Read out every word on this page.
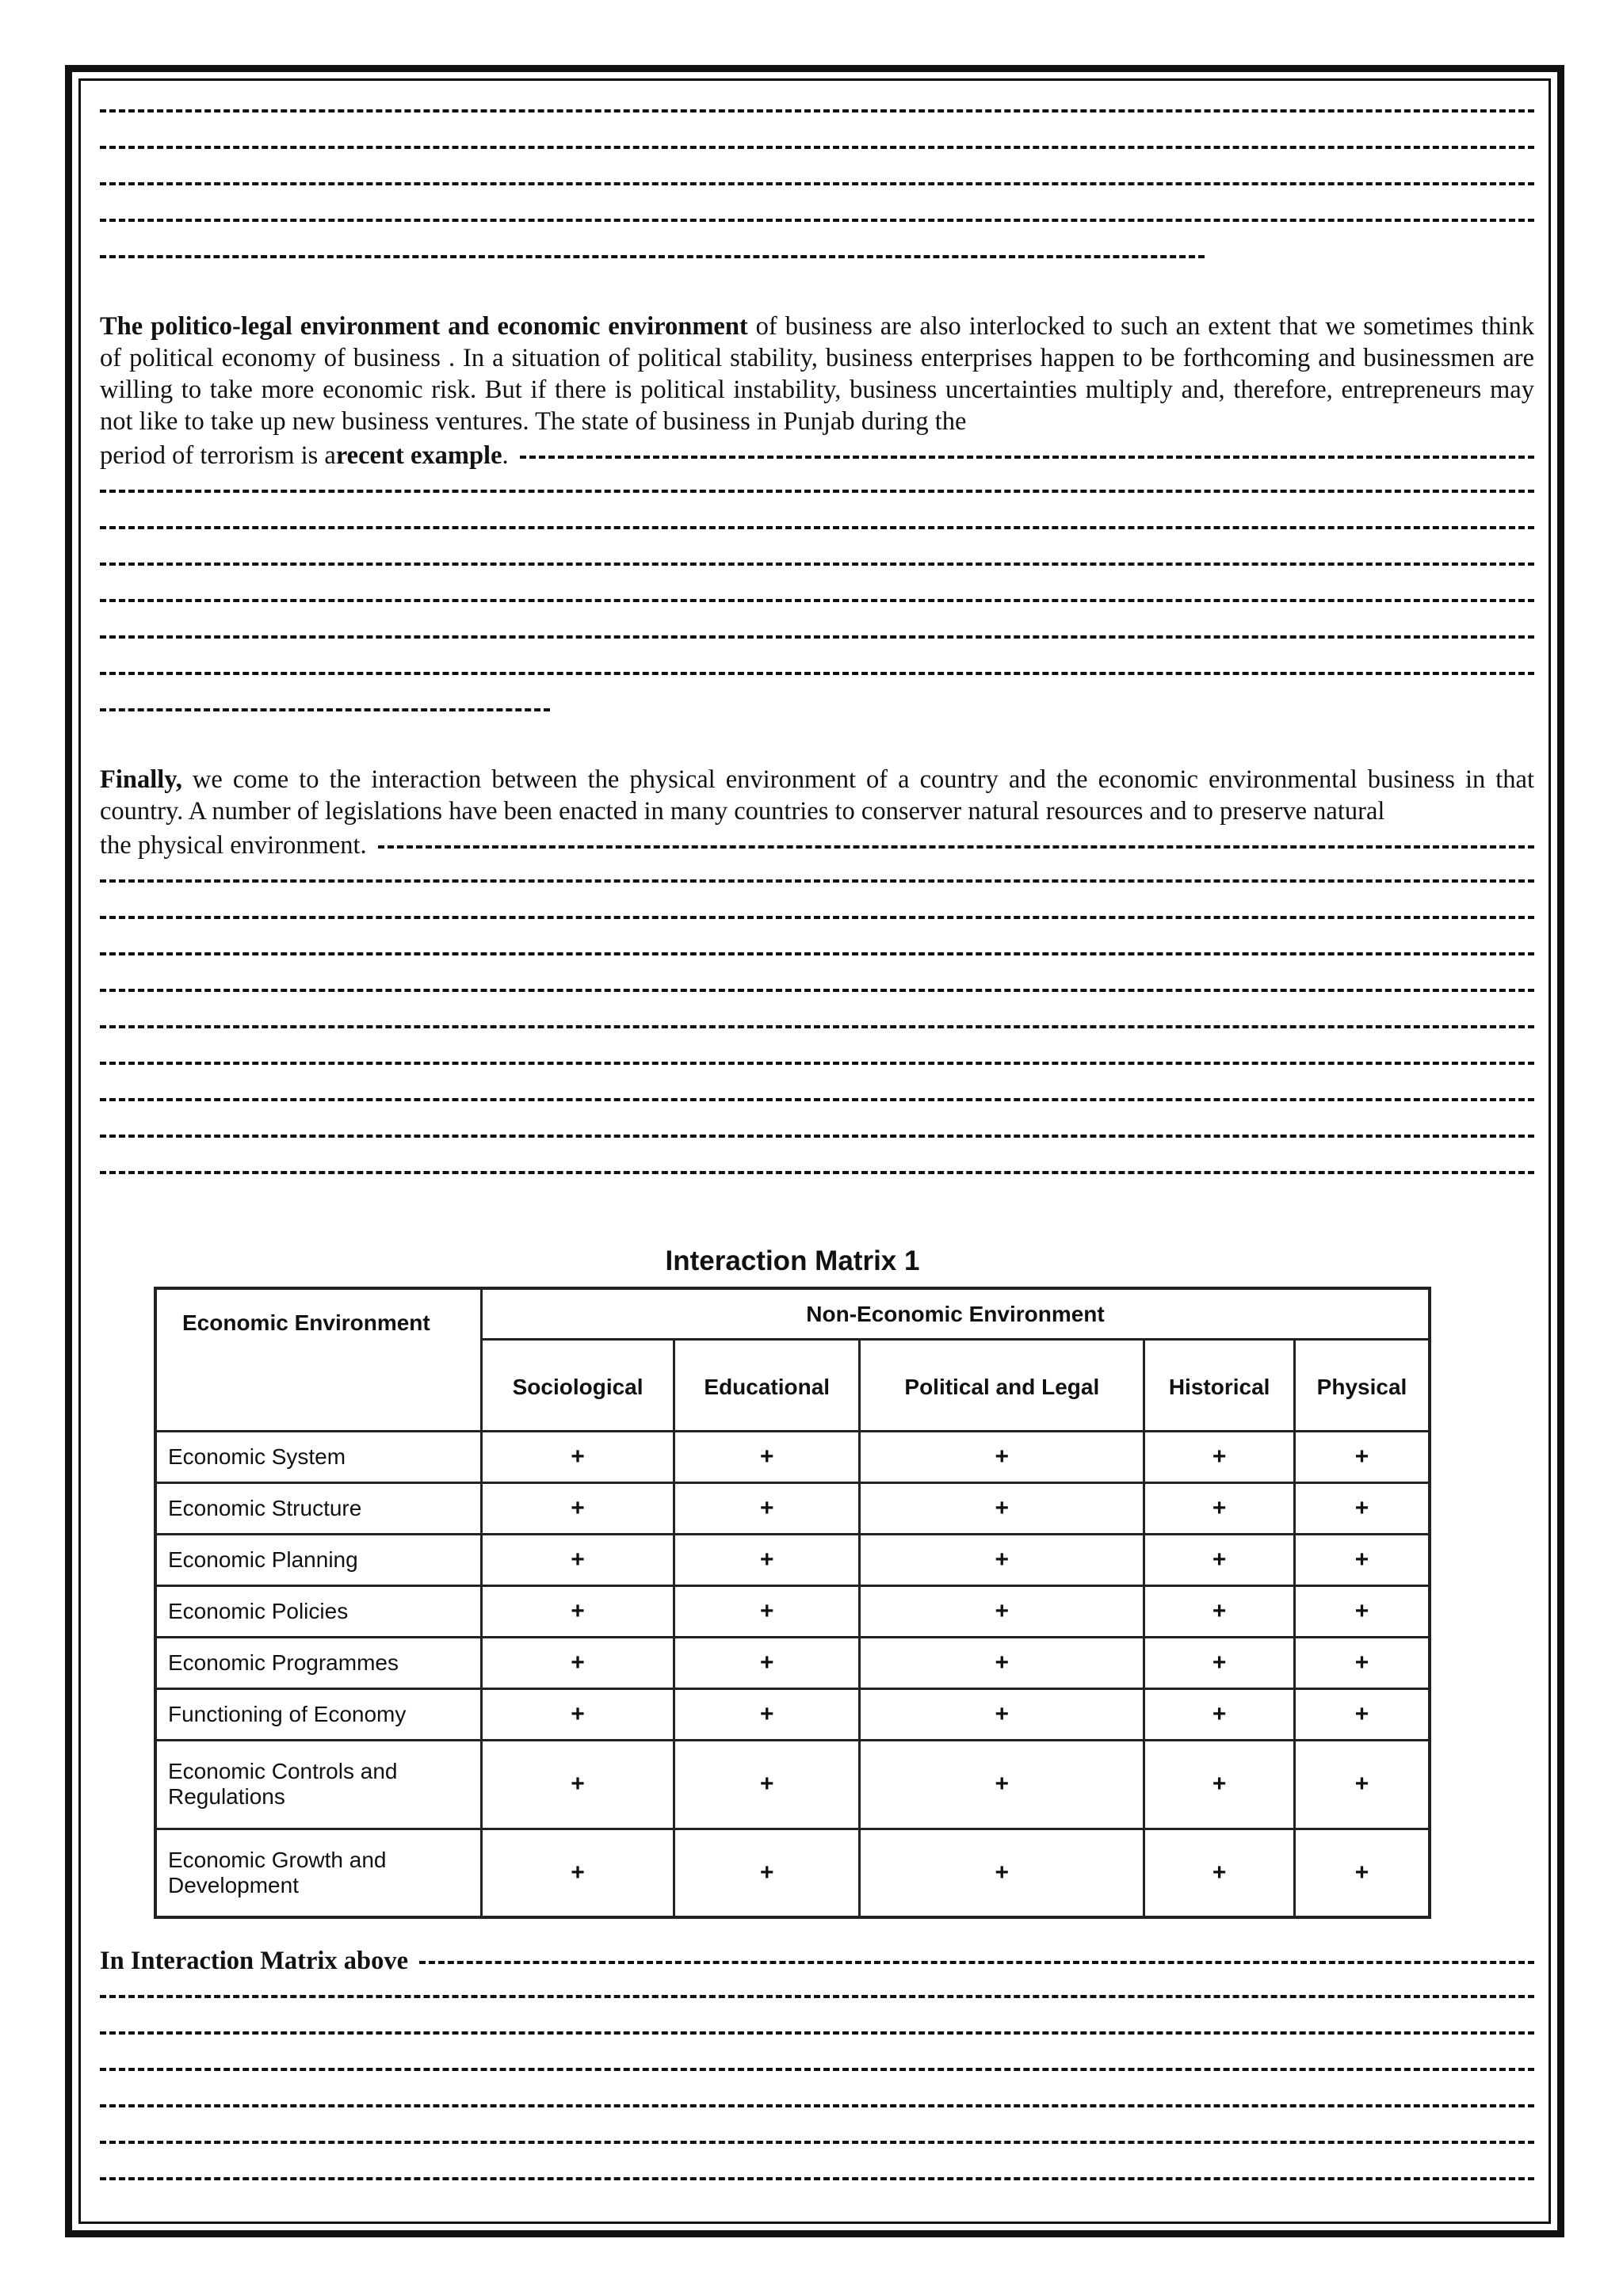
The politico-legal environment and economic environment of business are also interlocked to such an extent that we sometimes think of political economy of business . In a situation of political stability, business enterprises happen to be forthcoming and businessmen are willing to take more economic risk. But if there is political instability, business uncertainties multiply and, therefore, entrepreneurs may not like to take up new business ventures. The state of business in Punjab during the

period of terrorism is a recent example .

Finally, we come to the interaction between the physical environment of a country and the economic environmental business in that country. A number of legislations have been enacted in many countries to conserver natural resources and to preserve natural

the physical environment.
Interaction Matrix 1
Economic Environment	Non-Economic Environment				
	Sociological	Educational	Political and Legal	Historical	Physical
Economic System	+	+	+	+	+
Economic Structure	+	+	+	+	+
Economic Planning	+	+	+	+	+
Economic Policies	+	+	+	+	+
Economic Programmes	+	+	+	+	+
Functioning of Economy	+	+	+	+	+
Economic Controls and Regulations	+	+	+	+	+
Economic Growth and Development	+	+	+	+	+
In Interaction Matrix above
